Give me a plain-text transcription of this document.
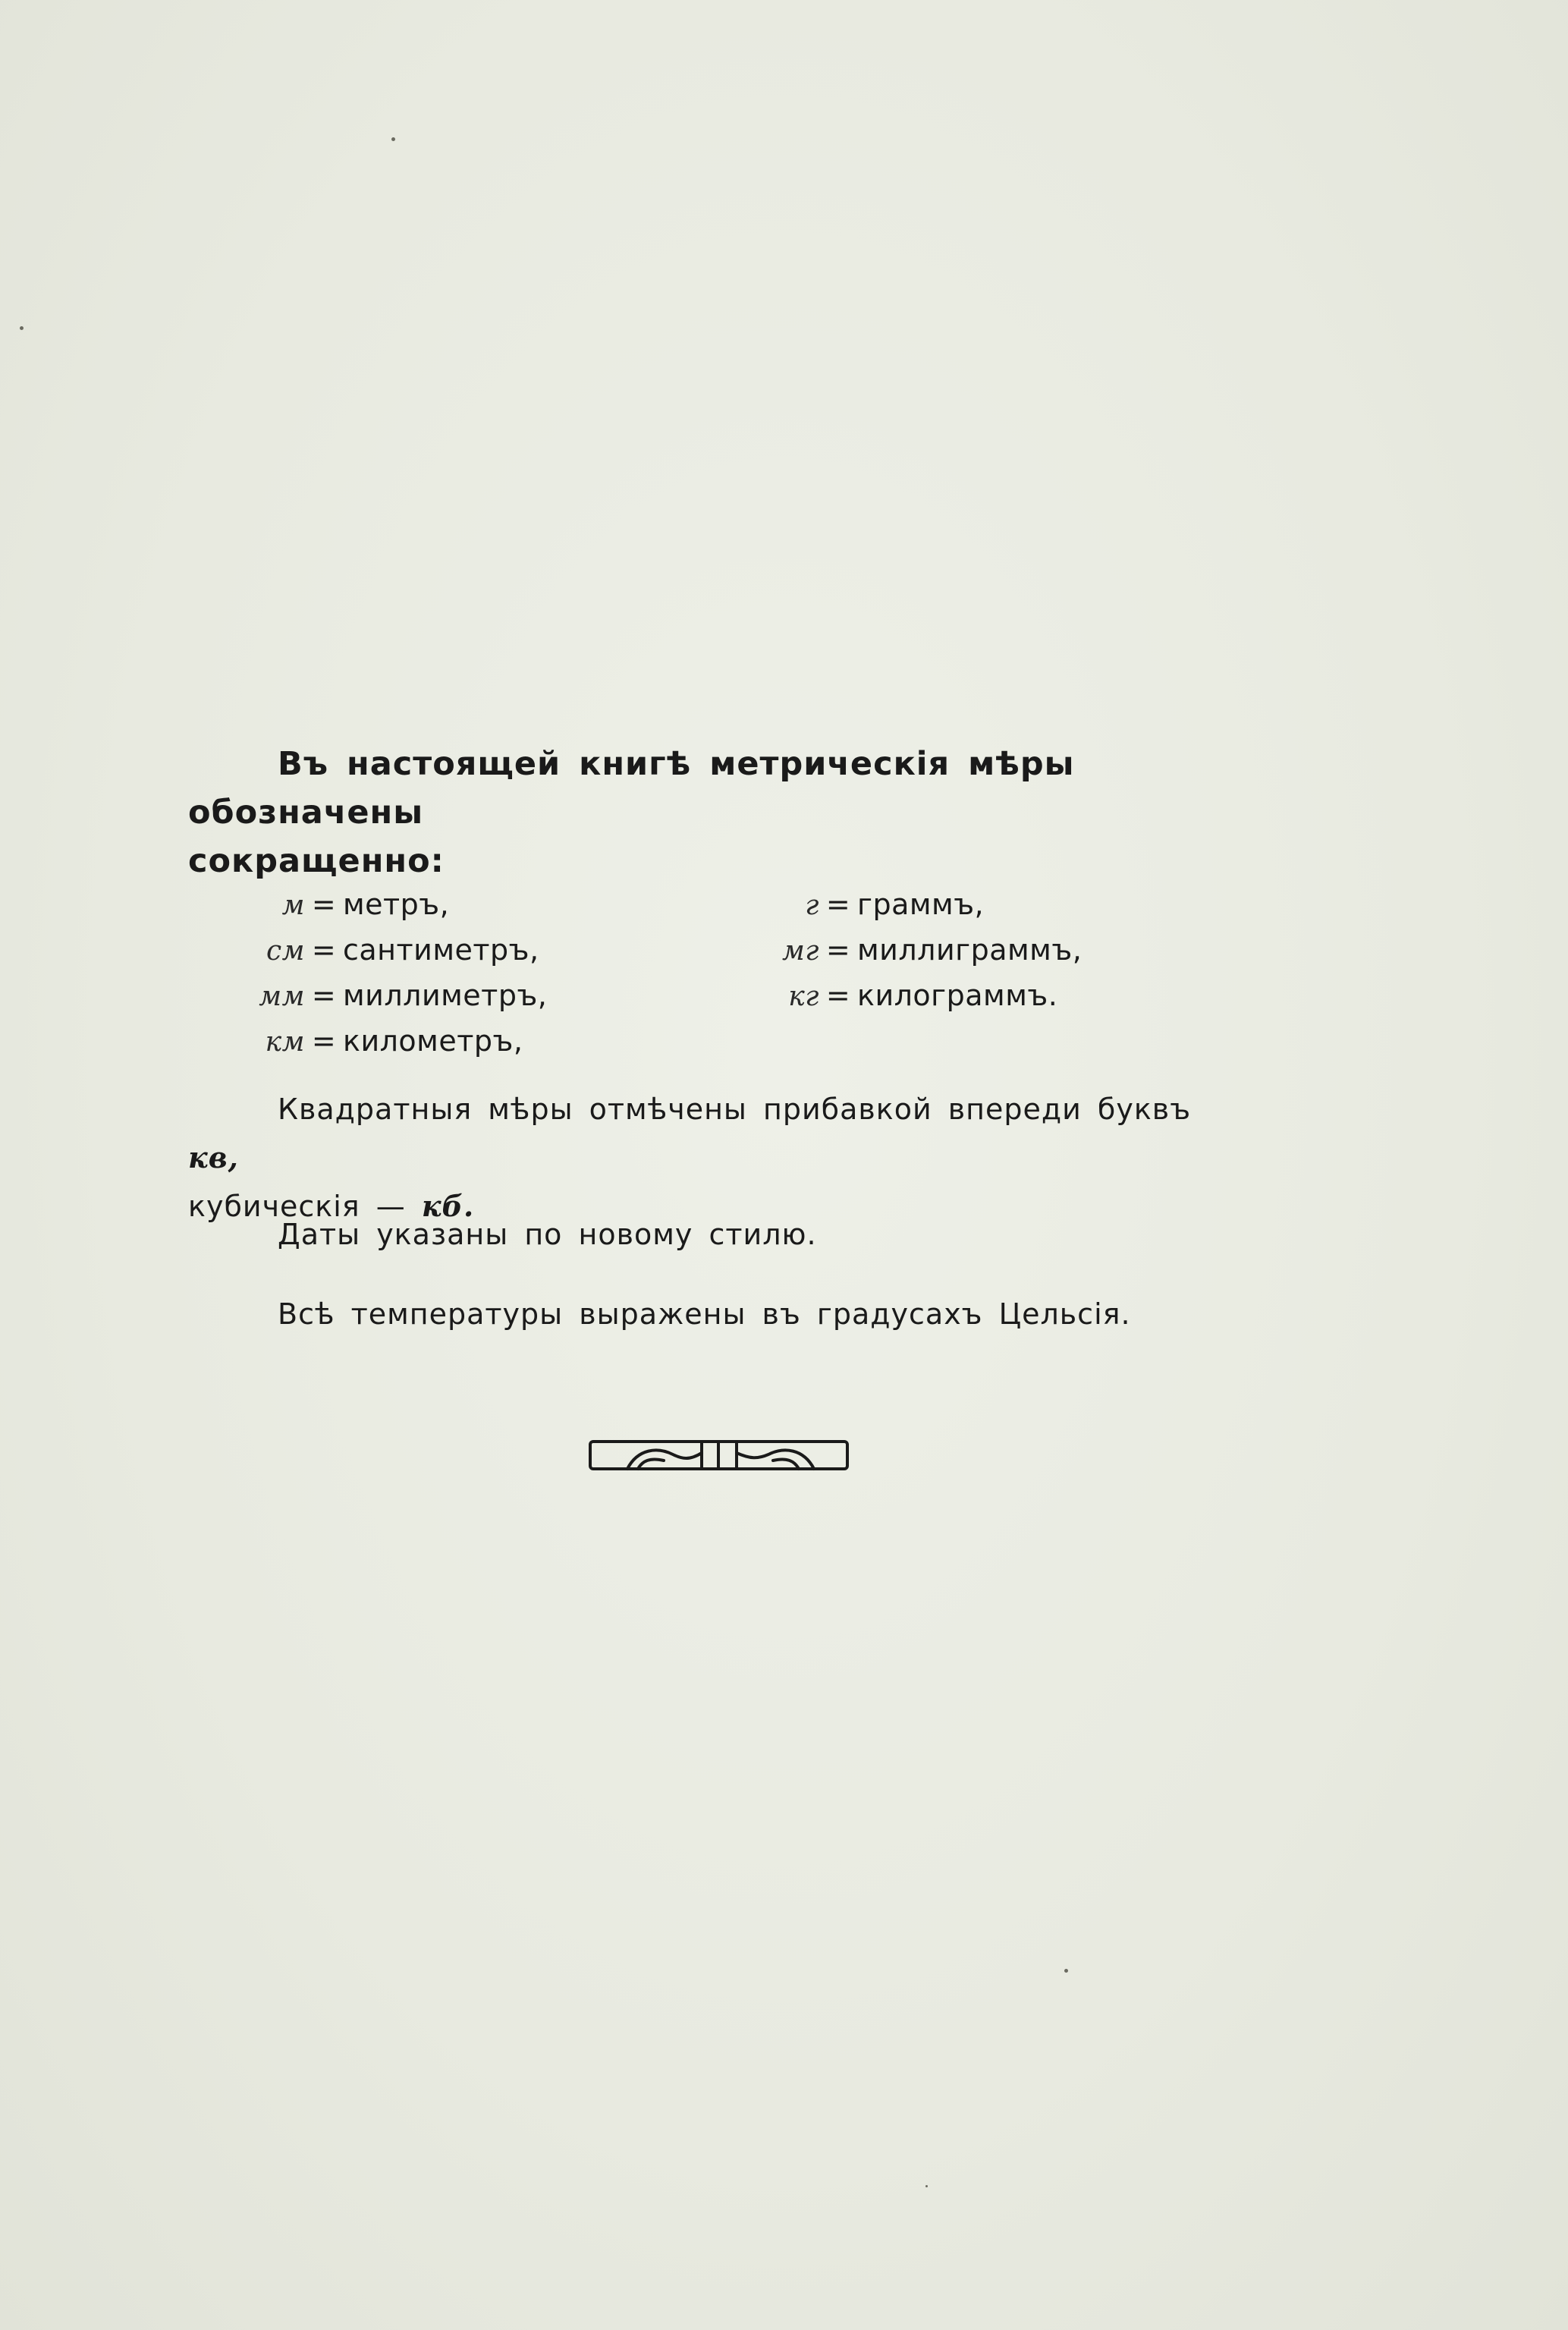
Въ настоящей книгѣ метрическія мѣры обозначены
сокращенно:

м = метръ,
см = сантиметръ,
мм = миллиметръ,
км = километръ,
г = граммъ,
мг = миллиграммъ,
кг = килограммъ.

Квадратныя мѣры отмѣчены прибавкой впереди буквъ кв,
кубическія — кб.

Даты указаны по новому стилю.

Всѣ температуры выражены въ градусахъ Цельсія.
